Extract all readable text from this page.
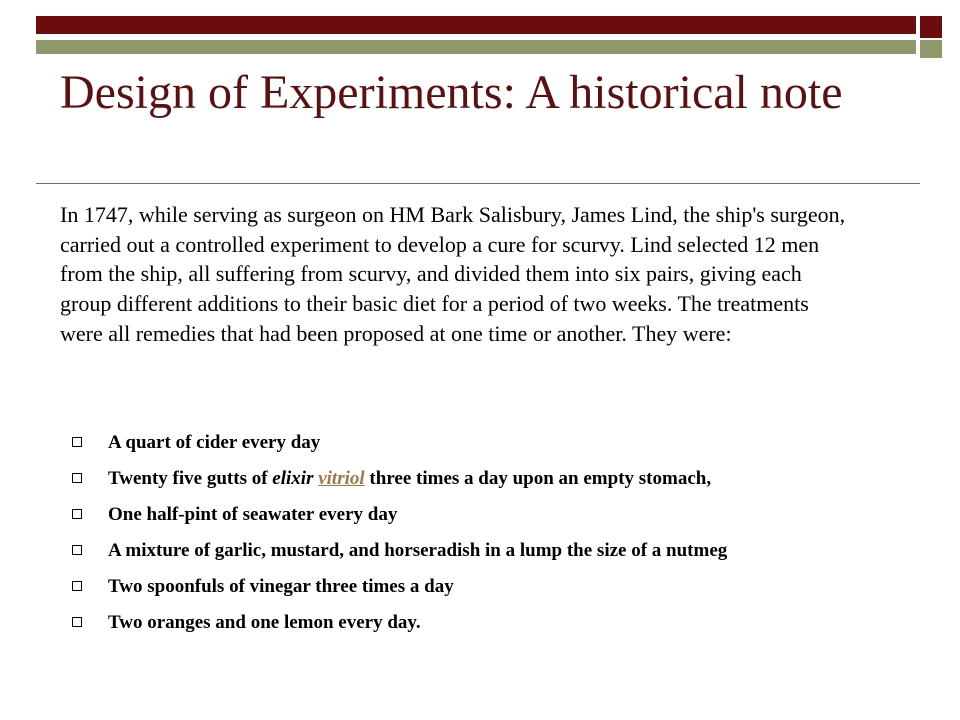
Design of Experiments: A historical note

In 1747, while serving as surgeon on HM Bark Salisbury, James Lind, the ship's surgeon, carried out a controlled experiment to develop a cure for scurvy. Lind selected 12 men from the ship, all suffering from scurvy, and divided them into six pairs, giving each group different additions to their basic diet for a period of two weeks. The treatments were all remedies that had been proposed at one time or another. They were:

A quart of cider every day
Twenty five gutts of elixir vitriol three times a day upon an empty stomach,
One half-pint of seawater every day
A mixture of garlic, mustard, and horseradish in a lump the size of a nutmeg
Two spoonfuls of vinegar three times a day
Two oranges and one lemon every day.
